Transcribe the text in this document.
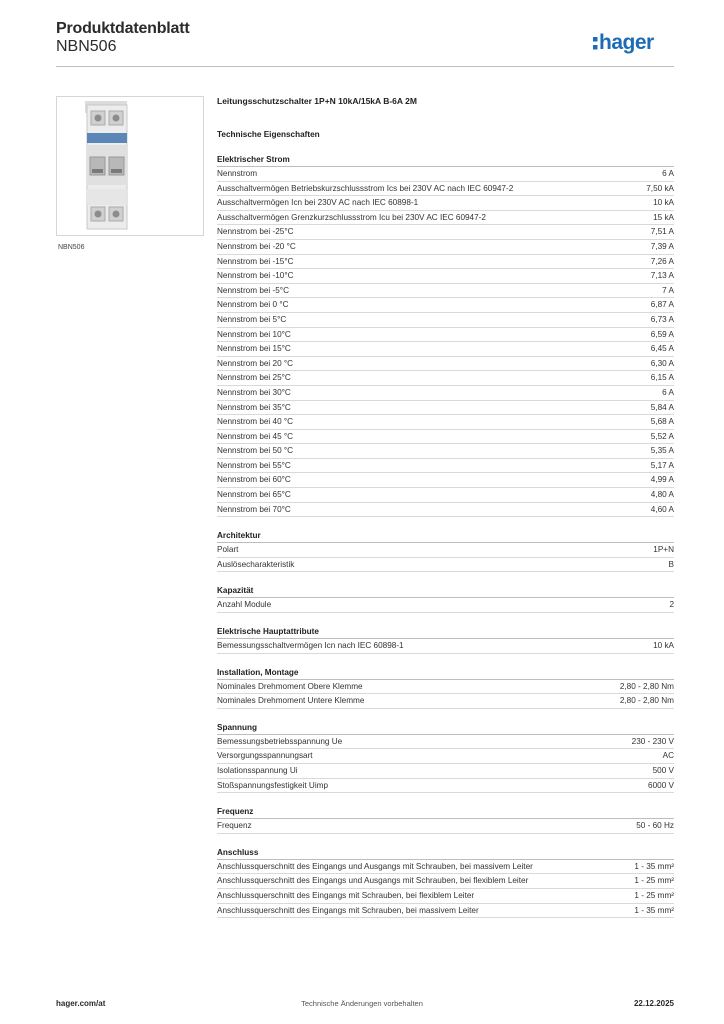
Produktdatenblatt
NBN506	hager
NBN506
Leitungsschutzschalter 1P+N 10kA/15kA B-6A 2M
Technische Eigenschaften
Elektrischer Strom
Nennstrom	6 A
Ausschaltvermögen Betriebskurzschlussstrom Ics bei 230V AC nach IEC 60947-2	7,50 kA
Ausschaltvermögen Icn bei 230V AC nach IEC 60898-1	10 kA
Ausschaltvermögen Grenzkurzschlussstrom Icu bei 230V AC IEC 60947-2	15 kA
Nennstrom bei -25°C	7,51 A
Nennstrom bei -20 °C	7,39 A
Nennstrom bei -15°C	7,26 A
Nennstrom bei -10°C	7,13 A
Nennstrom bei -5°C	7 A
Nennstrom bei 0 °C	6,87 A
Nennstrom bei 5°C	6,73 A
Nennstrom bei 10°C	6,59 A
Nennstrom bei 15°C	6,45 A
Nennstrom bei 20 °C	6,30 A
Nennstrom bei 25°C	6,15 A
Nennstrom bei 30°C	6 A
Nennstrom bei 35°C	5,84 A
Nennstrom bei 40 °C	5,68 A
Nennstrom bei 45 °C	5,52 A
Nennstrom bei 50 °C	5,35 A
Nennstrom bei 55°C	5,17 A
Nennstrom bei 60°C	4,99 A
Nennstrom bei 65°C	4,80 A
Nennstrom bei 70°C	4,60 A
Architektur
Polart	1P+N
Auslösecharakteristik	B
Kapazität
Anzahl Module	2
Elektrische Hauptattribute
Bemessungsschaltvermögen Icn nach IEC 60898-1	10 kA
Installation, Montage
Nominales Drehmoment Obere Klemme	2,80 - 2,80 Nm
Nominales Drehmoment Untere Klemme	2,80 - 2,80 Nm
Spannung
Bemessungsbetriebsspannung Ue	230 - 230 V
Versorgungsspannungsart	AC
Isolationsspannung Ui	500 V
Stoßspannungsfestigkeit Uimp	6000 V
Frequenz
Frequenz	50 - 60 Hz
Anschluss
Anschlussquerschnitt des Eingangs und Ausgangs mit Schrauben, bei massivem Leiter	1 - 35 mm²
Anschlussquerschnitt des Eingangs und Ausgangs mit Schrauben, bei flexiblem Leiter	1 - 25 mm²
Anschlussquerschnitt des Eingangs mit Schrauben, bei flexiblem Leiter	1 - 25 mm²
Anschlussquerschnitt des Eingangs mit Schrauben, bei massivem Leiter	1 - 35 mm²
Technische Änderungen vorbehalten
hager.com/at	22.12.2025
